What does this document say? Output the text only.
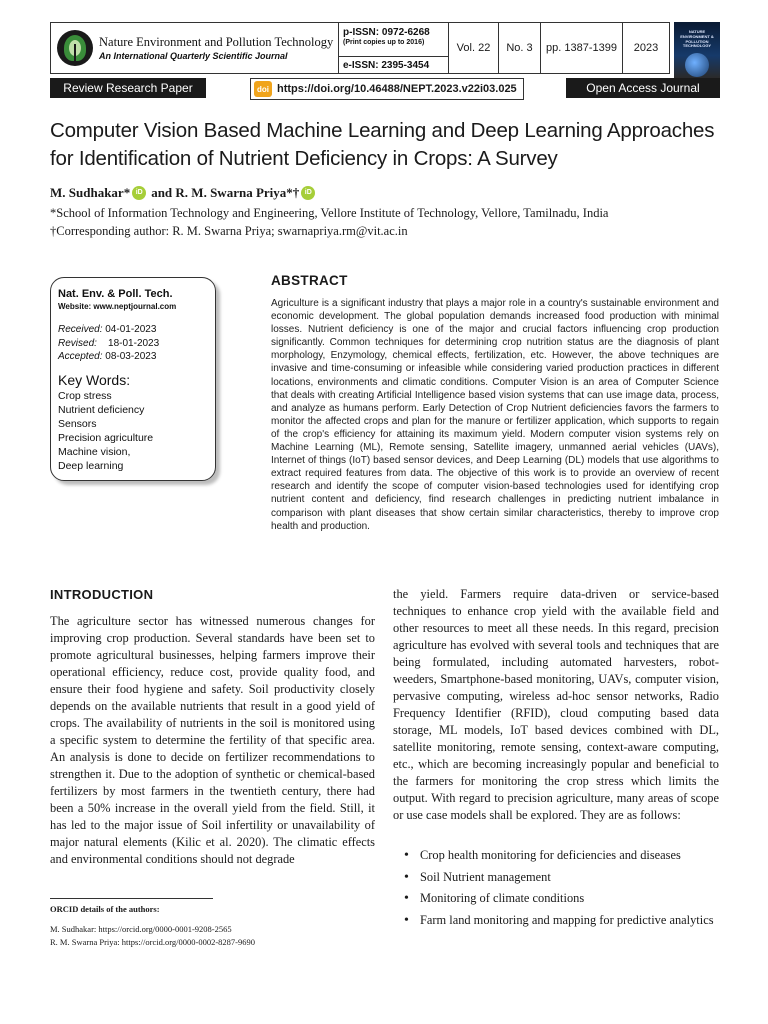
Nature Environment and Pollution Technology
An International Quarterly Scientific Journal
p-ISSN: 0972-6268
(Print copies up to 2016)
e-ISSN: 2395-3454
Vol. 22	No. 3	pp. 1387-1399	2023
NATURE ENVIRONMENT & POLLUTION TECHNOLOGY
Review Research Paper	doi https://doi.org/10.46488/NEPT.2023.v22i03.025	Open Access Journal
Computer Vision Based Machine Learning and Deep Learning Approaches for Identification of Nutrient Deficiency in Crops: A Survey
M. Sudhakar* iD and
R. M. Swarna Priya*† iD
*School of Information Technology and Engineering, Vellore Institute of Technology, Vellore, Tamilnadu, India
†Corresponding author: R. M. Swarna Priya; swarnapriya.rm@vit.ac.in
Nat. Env. & Poll. Tech.
Website: www.neptjournal.com
Received: 04-01-2023
Revised: 18-01-2023
Accepted: 08-03-2023
Key Words:
Crop stress
Nutrient deficiency
Sensors
Precision agriculture
Machine vision,
Deep learning
ABSTRACT

Agriculture is a significant industry that plays a major role in a country's sustainable environment and economic development. The global population demands increased food production with minimal losses. Nutrient deficiency is one of the major and crucial factors influencing crop production significantly. Common techniques for determining crop nutrition status are the diagnosis of plant morphology, Enzymology, chemical effects, fertilization, etc. However, the above techniques are invasive and time-consuming or infeasible while considering varied production practices in different locations, environments and climatic conditions. Computer Vision is an area of Computer Science that deals with creating Artificial Intelligence based vision systems that can use image data, process, and analyze as humans perform. Early Detection of Crop Nutrient deficiencies favors the farmers to monitor the affected crops and plan for the manure or fertilizer application, which supports to regain of the crop's efficiency for attaining its maximum yield. Modern computer vision systems rely on Machine Learning (ML), Remote sensing, Satellite imagery, unmanned aerial vehicles (UAVs), Internet of things (IoT) based sensor devices, and Deep Learning (DL) models that use algorithms to extract required features from data. The objective of this work is to provide an overview of recent research and identify the scope of computer vision-based technologies used for identifying crop nutrient content and deficiency, find research challenges in predicting nutrient imbalance in comparison with plant diseases that show certain similar characteristics, thereby to improve crop health and production.

INTRODUCTION

The agriculture sector has witnessed numerous changes for improving crop production. Several standards have been set to promote agricultural businesses, helping farmers improve their operational efficiency, reduce cost, provide quality food, and ensure their food hygiene and safety. Soil productivity closely depends on the available nutrients that result in a good yield of crops. The availability of nutrients in the soil is monitored using a specific system to determine the fertility of that specific area. An analysis is done to decide on fertilizer recommendations to strengthen it. Due to the adoption of synthetic or chemical-based fertilizers by most farmers in the twentieth century, there had been a 50% increase in the overall yield from the field. Still, it has led to the major issue of Soil infertility or unavailability of major natural elements (Kilic et al. 2020). The climatic effects and environmental conditions should not degrade

the yield. Farmers require data-driven or service-based techniques to enhance crop yield with the available field and other resources to meet all these needs. In this regard, precision agriculture has evolved with several tools and techniques that are being formulated, including automated harvesters, robot-weeders, Smartphone-based monitoring, UAVs, computer vision, pervasive computing, wireless ad-hoc sensor networks, Radio Frequency Identifier (RFID), cloud computing based data storage, ML models, IoT based devices combined with DL, satellite monitoring, remote sensing, context-aware computing, etc., which are becoming increasingly popular and beneficial to the farmers for monitoring the crop stress which limits the output. With regard to precision agriculture, many areas of scope or use case models shall be explored. They are as follows:

• Crop health monitoring for deficiencies and diseases
• Soil Nutrient management
• Monitoring of climate conditions
• Farm land monitoring and mapping for predictive analytics
ORCID details of the authors:
M. Sudhakar: https://orcid.org/0000-0001-9208-2565
R. M. Swarna Priya: https://orcid.org/0000-0002-8287-9690
